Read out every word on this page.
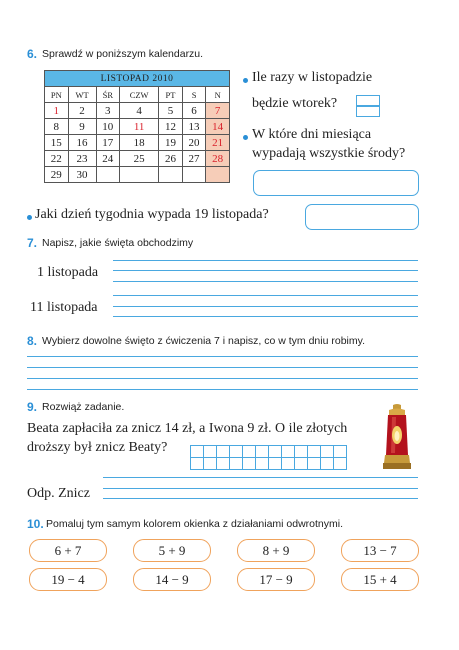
6. Sprawdź w poniższym kalendarzu.
LISTOPAD 2010						
PN	WT	ŚR	CZW	PT	S	N
1	2	3	4	5	6	7
8	9	10	11	12	13	14
15	16	17	18	19	20	21
22	23	24	25	26	27	28
29	30					
Ile razy w listopadzie
będzie wtorek?
W które dni miesiąca
wypadają wszystkie środy?
Jaki dzień tygodnia wypada 19 listopada?
7. Napisz, jakie święta obchodzimy
1 listopada
11 listopada
8. Wybierz dowolne święto z ćwiczenia 7 i napisz, co w tym dniu robimy.
9. Rozwiąż zadanie.
Beata zapłaciła za znicz 14 zł, a Iwona 9 zł. O ile złotych
droższy był znicz Beaty?

Odp. Znicz
10. Pomaluj tym samym kolorem okienka z działaniami odwrotnymi.
6 + 7	5 + 9	8 + 9	13 − 7
19 − 4	14 − 9	17 − 9	15 + 4
